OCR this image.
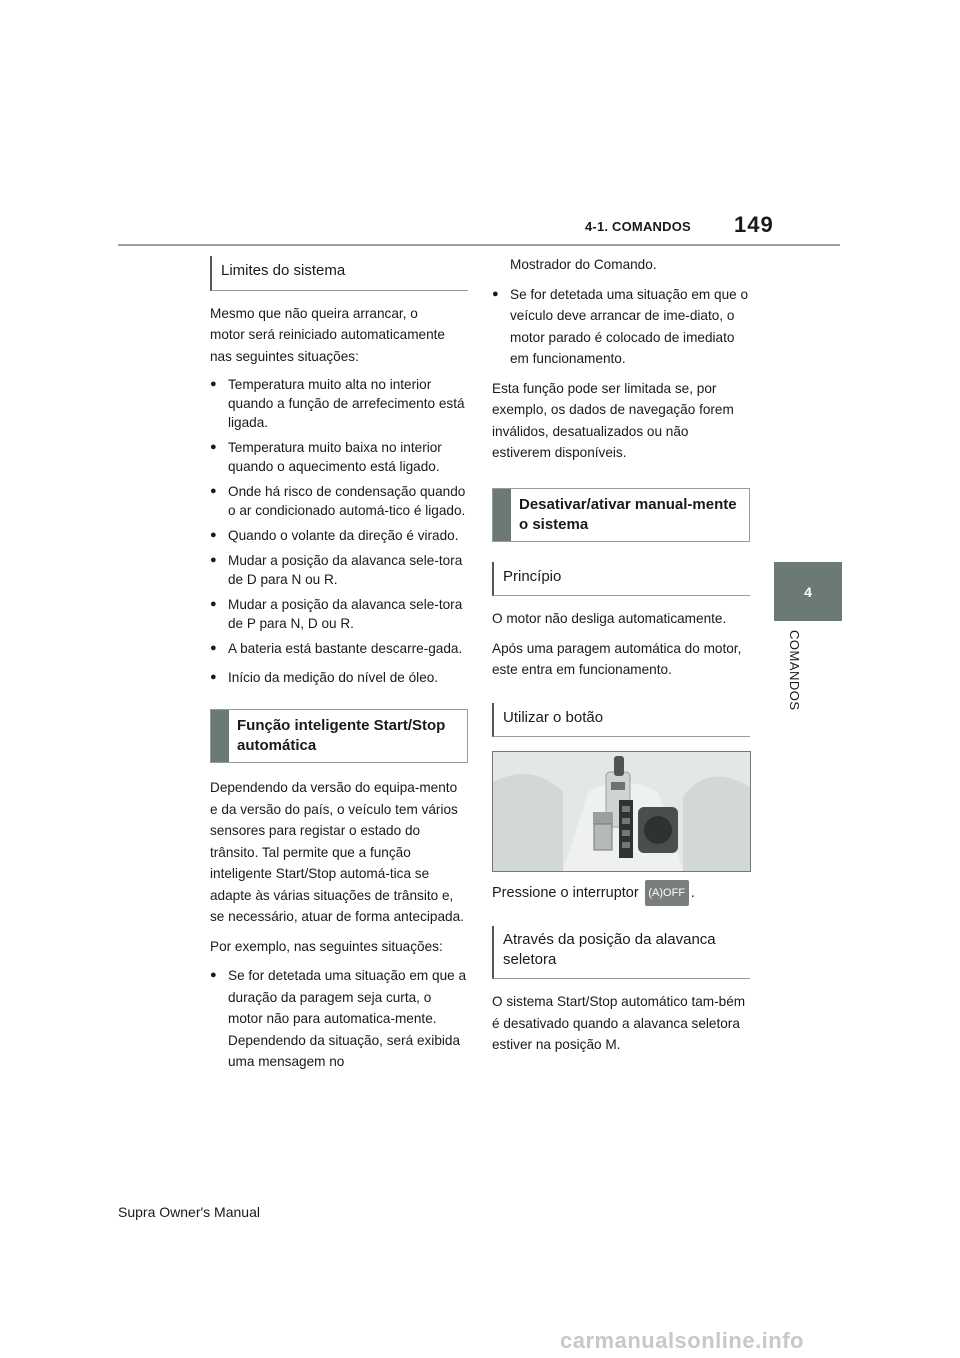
4-1. COMANDOS 149
4
COMANDOS
Limites do sistema

Mesmo que não queira arrancar, o
motor será reiniciado automaticamente
nas seguintes situações:

● Temperatura muito alta no interior quando a função de arrefecimento está ligada.
● Temperatura muito baixa no interior quando o aquecimento está ligado.
● Onde há risco de condensação quando o ar condicionado automá-tico é ligado.
● Quando o volante da direção é virado.
● Mudar a posição da alavanca sele-tora de D para N ou R.
● Mudar a posição da alavanca sele-tora de P para N, D ou R.
● A bateria está bastante descarre-gada.
● Início da medição do nível de óleo.
Função inteligente Start/Stop automática

Dependendo da versão do equipa-mento e da versão do país, o veículo tem vários sensores para registar o estado do trânsito. Tal permite que a função inteligente Start/Stop automá-tica se adapte às várias situações de trânsito e, se necessário, atuar de forma antecipada.

Por exemplo, nas seguintes situações:

● Se for detetada uma situação em que a duração da paragem seja curta, o motor não para automatica-mente. Dependendo da situação, será exibida uma mensagem no

Mostrador do Comando.

● Se for detetada uma situação em que o veículo deve arrancar de ime-diato, o motor parado é colocado de imediato em funcionamento.

Esta função pode ser limitada se, por exemplo, os dados de navegação forem inválidos, desatualizados ou não estiverem disponíveis.

Desativar/ativar manual-mente o sistema
Princípio

O motor não desliga automaticamente.

Após uma paragem automática do motor, este entra em funcionamento.

Utilizar o botão

Pressione o interruptor (A)OFF .

Através da posição da alavanca seletora

O sistema Start/Stop automático tam-bém é desativado quando a alavanca seletora estiver na posição M.

Supra Owner's Manual
carmanualsonline.info
